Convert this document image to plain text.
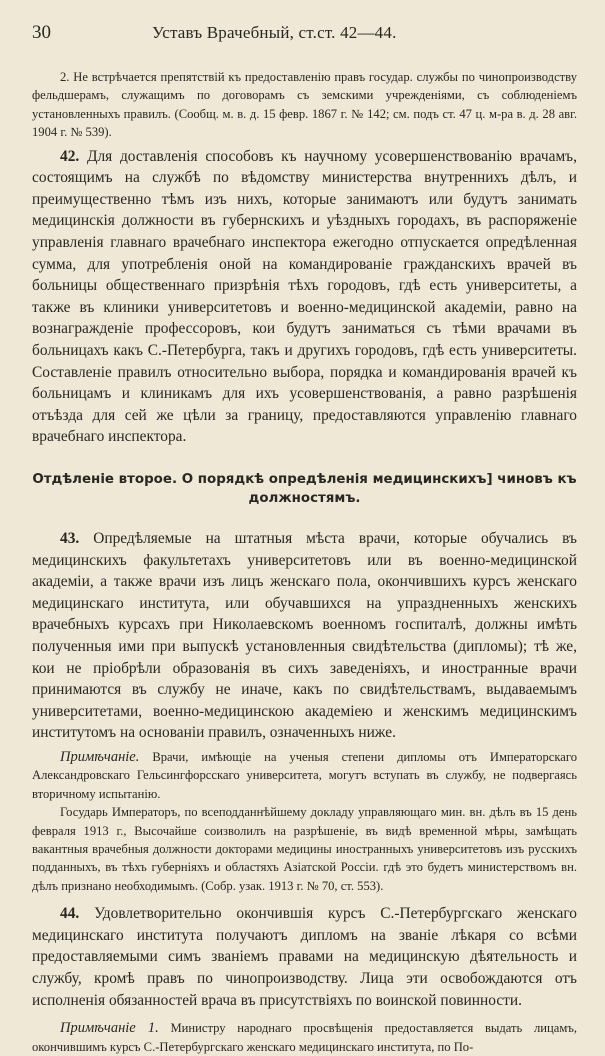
30	Уставъ Врачебный, ст.ст. 42—44.

2. Не встрѣчается препятствій къ предоставленію правъ государ. службы по чинопроизводству фельдшерамъ, служащимъ по договорамъ съ земскими учрежденіями, съ соблюденіемъ установленныхъ правилъ. (Сообщ. м. в. д. 15 февр. 1867 г. № 142; см. подъ ст. 47 ц. м-ра в. д. 28 авг. 1904 г. № 539).

42. Для доставленія способовъ къ научному усовершенствованію врачамъ, состоящимъ на службѣ по вѣдомству министерства внутреннихъ дѣлъ, и преимущественно тѣмъ изъ нихъ, которые занимаютъ или будутъ занимать медицинскія должности въ губернскихъ и уѣздныхъ городахъ, въ распоряженіе управленія главнаго врачебнаго инспектора ежегодно отпускается опредѣленная сумма, для употребленія оной на командированіе гражданскихъ врачей въ больницы общественнаго призрѣнія тѣхъ городовъ, гдѣ есть университеты, а также въ клиники университетовъ и военно-медицинской академіи, равно на вознагражденіе профессоровъ, кои будутъ заниматься съ тѣми врачами въ больницахъ какъ С.-Петербурга, такъ и другихъ городовъ, гдѣ есть университеты. Составленіе правилъ относительно выбора, порядка и командированія врачей къ больницамъ и клиникамъ для ихъ усовершенствованія, а равно разрѣшенія отъѣзда для сей же цѣли за границу, предоставляются управленію главнаго врачебнаго инспектора.

Отдѣленіе второе. О порядкѣ опредѣленія медицинскихъ] чиновъ къ должностямъ.

43. Опредѣляемые на штатныя мѣста врачи, которые обучались въ медицинскихъ факультетахъ университетовъ или въ военно-медицинской академіи, а также врачи изъ лицъ женскаго пола, окончившихъ курсъ женскаго медицинскаго института, или обучавшихся на упраздненныхъ женскихъ врачебныхъ курсахъ при Николаевскомъ военномъ госпиталѣ, должны имѣть полученныя ими при выпускѣ установленныя свидѣтельства (дипломы); тѣ же, кои не пріобрѣли образованія въ сихъ заведеніяхъ, и иностранные врачи принимаются въ службу не иначе, какъ по свидѣтельствамъ, выдаваемымъ университетами, военно-медицинскою академіею и женскимъ медицинскимъ институтомъ на основаніи правилъ, означенныхъ ниже.

Примѣчаніе. Врачи, имѣющіе на ученыя степени дипломы отъ Императорскаго Александровскаго Гельсингфорсскаго университета, могутъ вступать въ службу, не подвергаясь вторичному испытанію.

Государь Императоръ, по всеподданнѣйшему докладу управляющаго мин. вн. дѣлъ въ 15 день февраля 1913 г., Высочайше соизволилъ на разрѣшеніе, въ видѣ временной мѣры, замѣщать вакантныя врачебныя должности докторами медицины иностранныхъ университетовъ изъ русскихъ подданныхъ, въ тѣхъ губерніяхъ и областяхъ Азіатской Россіи. гдѣ это будетъ министерствомъ вн. дѣлъ признано необходимымъ. (Собр. узак. 1913 г. № 70, ст. 553).

44. Удовлетворительно окончившія курсъ С.-Петербургскаго женскаго медицинскаго института получаютъ дипломъ на званіе лѣкаря со всѣми предоставляемыми симъ званіемъ правами на медицинскую дѣятельность и службу, кромѣ правъ по чинопроизводству. Лица эти освобождаются отъ исполненія обязанностей врача въ присутствіяхъ по воинской повинности.

Примѣчаніе 1. Министру народнаго просвѣщенія предоставляется выдать лицамъ, окончившимъ курсъ С.-Петербургскаго женскаго медицинскаго института, по По-
